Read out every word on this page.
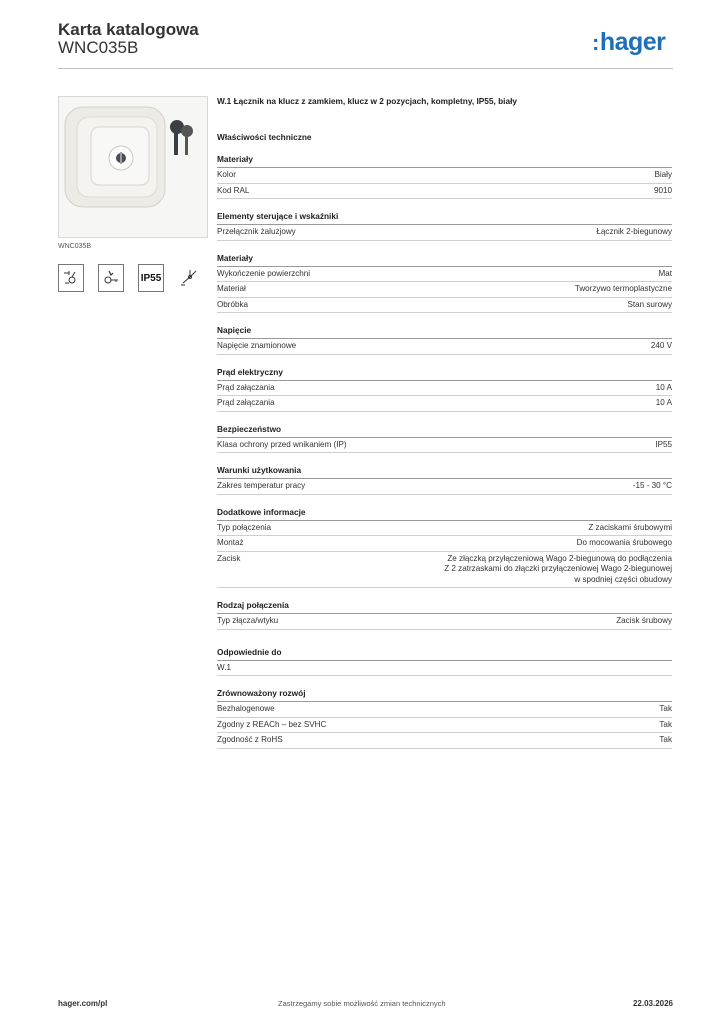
Karta katalogowa
WNC035B	:hager
WNC035B
IP55
W.1 Łącznik na klucz z zamkiem, klucz w 2 pozycjach, kompletny, IP55, biały
Właściwości techniczne
Materiały
Kolor	Biały
Kod RAL	9010
Elementy sterujące i wskaźniki
Przełącznik żaluzjowy	Łącznik 2-biegunowy
Materiały
Wykończenie powierzchni	Mat
Materiał	Tworzywo termoplastyczne
Obróbka	Stan surowy
Napięcie
Napięcie znamionowe	240 V
Prąd elektryczny
Prąd załączania	10 A
Prąd załączania	10 A
Bezpieczeństwo
Klasa ochrony przed wnikaniem (IP)	IP55
Warunki użytkowania
Zakres temperatur pracy	-15 - 30 °C
Dodatkowe informacje
Typ połączenia	Z zaciskami śrubowymi
Montaż	Do mocowania śrubowego
Zacisk	Ze złączką przyłączeniową Wago 2-biegunową do podłączenia
Z 2 zatrzaskami do złączki przyłączeniowej Wago 2-biegunowej
w spodniej części obudowy
Rodzaj połączenia
Typ złącza/wtyku	Zacisk śrubowy
Odpowiednie do
W.1
Zrównoważony rozwój
Bezhalogenowe	Tak
Zgodny z REACh – bez SVHC	Tak
Zgodność z RoHS	Tak
hager.com/pl	Zastrzegamy sobie możliwość zmian technicznych	22.03.2026
